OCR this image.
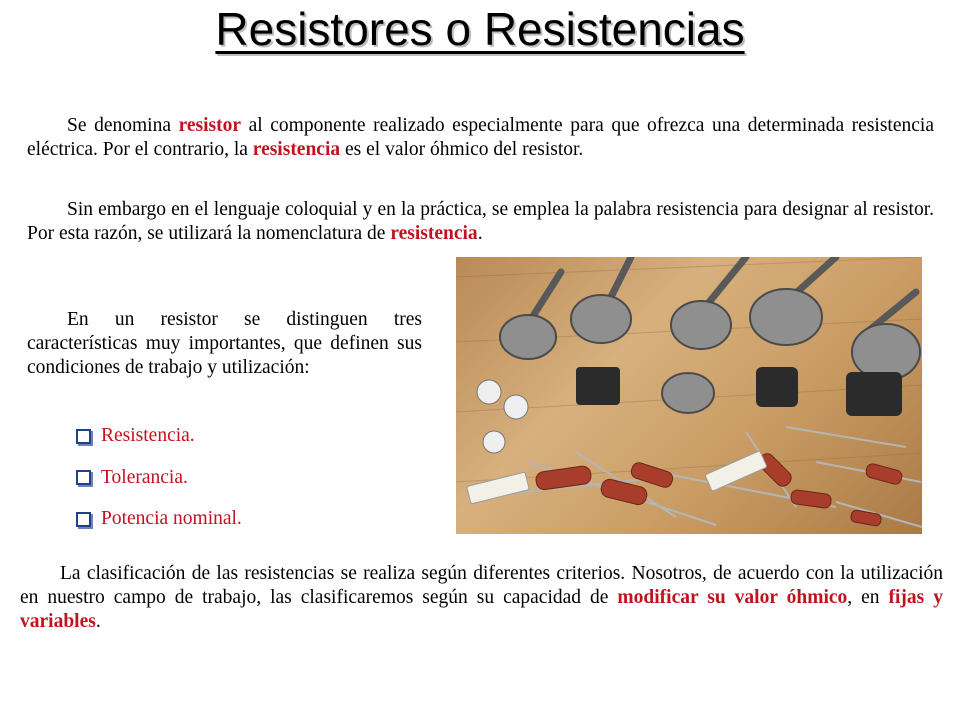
Resistores o Resistencias

Se denomina resistor al componente realizado especialmente para que ofrezca una determinada resistencia eléctrica. Por el contrario, la resistencia es el valor óhmico del resistor.

Sin embargo en el lenguaje coloquial y en la práctica, se emplea la palabra resistencia para designar al resistor. Por esta razón, se utilizará la nomenclatura de resistencia.

En un resistor se distinguen tres características muy importantes, que definen sus condiciones de trabajo y utilización:

Resistencia.
Tolerancia.
Potencia nominal.

La clasificación de las resistencias se realiza según diferentes criterios. Nosotros, de acuerdo con la utilización en nuestro campo de trabajo, las clasificaremos según su capacidad de modificar su valor óhmico, en fijas y variables.
